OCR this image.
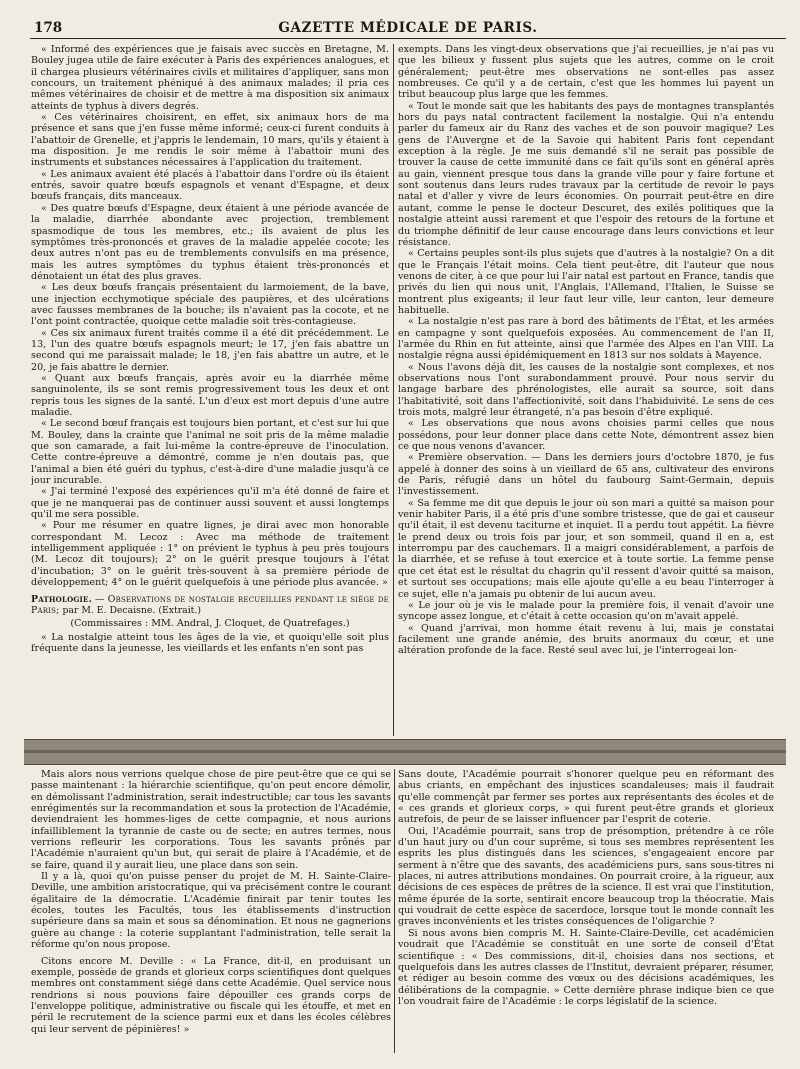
178	GAZETTE MÉDICALE DE PARIS.

« Informé des expériences que je faisais avec succès en Bretagne, M. Bouley jugea utile de faire exécuter à Paris des expériences analogues, et il chargea plusieurs vétérinaires civils et militaires d'appliquer, sans mon concours, un traitement phéniqué à des animaux malades; il pria ces mêmes vétérinaires de choisir et de mettre à ma disposition six animaux atteints de typhus à divers degrés.

« Ces vétérinaires choisirent, en effet, six animaux hors de ma présence et sans que j'en fusse même informé; ceux-ci furent conduits à l'abattoir de Grenelle, et j'appris le lendemain, 10 mars, qu'ils y étaient à ma disposition. Je me rendis le soir même à l'abattoir muni des instruments et substances nécessaires à l'application du traitement.

« Les animaux avaient été placés à l'abattoir dans l'ordre où ils étaient entrés, savoir quatre bœufs espagnols et venant d'Espagne, et deux bœufs français, dits manceaux.

« Des quatre bœufs d'Espagne, deux étaient à une période avancée de la maladie, diarrhée abondante avec projection, tremblement spasmodique de tous les membres, etc.; ils avaient de plus les symptômes très-prononcés et graves de la maladie appelée cocote; les deux autres n'ont pas eu de tremblements convulsifs en ma présence, mais les autres symptômes du typhus étaient très-prononcés et dénotaient un état des plus graves.

« Les deux bœufs français présentaient du larmoiement, de la bave, une injection ecchymotique spéciale des paupières, et des ulcérations avec fausses membranes de la bouche; ils n'avaient pas la cocote, et ne l'ont point contractée, quoique cette maladie soit très-contagieuse.

« Ces six animaux furent traités comme il a été dit précédemment. Le 13, l'un des quatre bœufs espagnols meurt; le 17, j'en fais abattre un second qui me paraissait malade; le 18, j'en fais abattre un autre, et le 20, je fais abattre le dernier.

« Quant aux bœufs français, après avoir eu la diarrhée même sanguinolente, ils se sont remis progressivement tous les deux et ont repris tous les signes de la santé. L'un d'eux est mort depuis d'une autre maladie.

« Le second bœuf français est toujours bien portant, et c'est sur lui que M. Bouley, dans la crainte que l'animal ne soit pris de la même maladie que son camarade, a fait lui-même la contre-épreuve de l'inoculation. Cette contre-épreuve a démontré, comme je n'en doutais pas, que l'animal a bien été guéri du typhus, c'est-à-dire d'une maladie jusqu'à ce jour incurable.

« J'ai terminé l'exposé des expériences qu'il m'a été donné de faire et que je ne manquerai pas de continuer aussi souvent et aussi longtemps qu'il me sera possible.

« Pour me résumer en quatre lignes, je dirai avec mon honorable correspondant M. Lecoz : Avec ma méthode de traitement intelligemment appliquée : 1° on prévient le typhus à peu près toujours (M. Lecoz dit toujours); 2° on le guérit presque toujours à l'état d'incubation; 3° on le guérit très-souvent à sa première période de développement; 4° on le guérit quelquefois à une période plus avancée. »

Pathologie. — Observations de nostalgie recueillies pendant le siége de Paris; par M. E. Decaisne. (Extrait.)

(Commissaires : MM. Andral, J. Cloquet, de Quatrefages.)

« La nostalgie atteint tous les âges de la vie, et quoiqu'elle soit plus fréquente dans la jeunesse, les vieillards et les enfants n'en sont pas

exempts. Dans les vingt-deux observations que j'ai recueillies, je n'ai pas vu que les bilieux y fussent plus sujets que les autres, comme on le croit généralement; peut-être mes observations ne sont-elles pas assez nombreuses. Ce qu'il y a de certain, c'est que les hommes lui payent un tribut beaucoup plus large que les femmes.

« Tout le monde sait que les habitants des pays de montagnes transplantés hors du pays natal contractent facilement la nostalgie. Qui n'a entendu parler du fameux air du Ranz des vaches et de son pouvoir magique? Les gens de l'Auvergne et de la Savoie qui habitent Paris font cependant exception à la règle. Je me suis demandé s'il ne serait pas possible de trouver la cause de cette immunité dans ce fait qu'ils sont en général après au gain, viennent presque tous dans la grande ville pour y faire fortune et sont soutenus dans leurs rudes travaux par la certitude de revoir le pays natal et d'aller y vivre de leurs économies. On pourrait peut-être en dire autant, comme le pense le docteur Descuret, des exilés politiques que la nostalgie atteint aussi rarement et que l'espoir des retours de la fortune et du triomphe définitif de leur cause encourage dans leurs convictions et leur résistance.

« Certains peuples sont-ils plus sujets que d'autres à la nostalgie? On a dit que le Français l'était moins. Cela tient peut-être, dit l'auteur que nous venons de citer, à ce que pour lui l'air natal est partout en France, tandis que privés du lien qui nous unit, l'Anglais, l'Allemand, l'Italien, le Suisse se montrent plus exigeants; il leur faut leur ville, leur canton, leur demeure habituelle.

« La nostalgie n'est pas rare à bord des bâtiments de l'État, et les armées en campagne y sont quelquefois exposées. Au commencement de l'an II, l'armée du Rhin en fut atteinte, ainsi que l'armée des Alpes en l'an VIII. La nostalgie régna aussi épidémiquement en 1813 sur nos soldats à Mayence.

« Nous l'avons déjà dit, les causes de la nostalgie sont complexes, et nos observations nous l'ont surabondamment prouvé. Pour nous servir du langage barbare des phrénologistes, elle aurait sa source, soit dans l'habitativité, soit dans l'affectionivité, soit dans l'habiduivité. Le sens de ces trois mots, malgré leur étrangeté, n'a pas besoin d'être expliqué.

« Les observations que nous avons choisies parmi celles que nous possédons, pour leur donner place dans cette Note, démontrent assez bien ce que nous venons d'avancer.

« Première observation. — Dans les derniers jours d'octobre 1870, je fus appelé à donner des soins à un vieillard de 65 ans, cultivateur des environs de Paris, réfugié dans un hôtel du faubourg Saint-Germain, depuis l'investissement.

« Sa femme me dit que depuis le jour où son mari a quitté sa maison pour venir habiter Paris, il a été pris d'une sombre tristesse, que de gai et causeur qu'il était, il est devenu taciturne et inquiet. Il a perdu tout appétit. La fièvre le prend deux ou trois fois par jour, et son sommeil, quand il en a, est interrompu par des cauchemars. Il a maigri considérablement, a parfois de la diarrhée, et se refuse à tout exercice et à toute sortie. La femme pense que cet état est le résultat du chagrin qu'il ressent d'avoir quitté sa maison, et surtout ses occupations; mais elle ajoute qu'elle a eu beau l'interroger à ce sujet, elle n'a jamais pu obtenir de lui aucun aveu.

« Le jour où je vis le malade pour la première fois, il venait d'avoir une syncope assez longue, et c'était à cette occasion qu'on m'avait appelé.

« Quand j'arrivai, mon homme était revenu à lui, mais je constatai facilement une grande anémie, des bruits anormaux du cœur, et une altération profonde de la face. Resté seul avec lui, je l'interrogeai lon-

Mais alors nous verrions quelque chose de pire peut-être que ce qui se passe maintenant : la hiérarchie scientifique, qu'on peut encore démolir, en démolissant l'administration, serait indestructible; car tous les savants enrégimentés sur la recommandation et sous la protection de l'Académie, deviendraient les hommes-liges de cette compagnie, et nous aurions infailliblement la tyrannie de caste ou de secte; en autres termes, nous verrions refleurir les corporations. Tous les savants prônés par l'Académie n'auraient qu'un but, qui serait de plaire à l'Académie, et de se faire, quand il y aurait lieu, une place dans son sein.

Il y a là, quoi qu'on puisse penser du projet de M. H. Sainte-Claire-Deville, une ambition aristocratique, qui va précisément contre le courant égalitaire de la démocratie. L'Académie finirait par tenir toutes les écoles, toutes les Facultés, tous les établissements d'instruction supérieure dans sa main et sous sa dénomination. Et nous ne gagnerions guère au change : la coterie supplantant l'administration, telle serait la réforme qu'on nous propose.

Citons encore M. Deville : « La France, dit-il, en produisant un exemple, possède de grands et glorieux corps scientifiques dont quelques membres ont constamment siégé dans cette Académie. Quel service nous rendrions si nous pouvions faire dépouiller ces grands corps de l'enveloppe politique, administrative ou fiscale qui les étouffe, et met en péril le recrutement de la science parmi eux et dans les écoles célèbres qui leur servent de pépinières! »

Sans doute, l'Académie pourrait s'honorer quelque peu en réformant des abus criants, en empêchant des injustices scandaleuses; mais il faudrait qu'elle commençât par fermer ses portes aux représentants des écoles et de « ces grands et glorieux corps, » qui furent peut-être grands et glorieux autrefois, de peur de se laisser influencer par l'esprit de coterie.

Oui, l'Académie pourrait, sans trop de présomption, prétendre à ce rôle d'un haut jury ou d'un cour suprême, si tous ses membres représentent les esprits les plus distingués dans les sciences, s'engageaient encore par serment à n'être que des savants, des académiciens purs, sans sous-titres ni places, ni autres attributions mondaines. On pourrait croire, à la rigueur, aux décisions de ces espèces de prêtres de la science. Il est vrai que l'institution, même épurée de la sorte, sentirait encore beaucoup trop la théocratie. Mais qui voudrait de cette espèce de sacerdoce, lorsque tout le monde connaît les graves inconvénients et les tristes conséquences de l'oligarchie ?

Si nous avons bien compris M. H. Sainte-Claire-Deville, cet académicien voudrait que l'Académie se constituât en une sorte de conseil d'État scientifique : « Des commissions, dit-il, choisies dans nos sections, et quelquefois dans les autres classes de l'Institut, devraient préparer, résumer, et rédiger au besoin comme des vœux ou des décisions académiques, les délibérations de la compagnie. » Cette dernière phrase indique bien ce que l'on voudrait faire de l'Académie : le corps législatif de la science.
